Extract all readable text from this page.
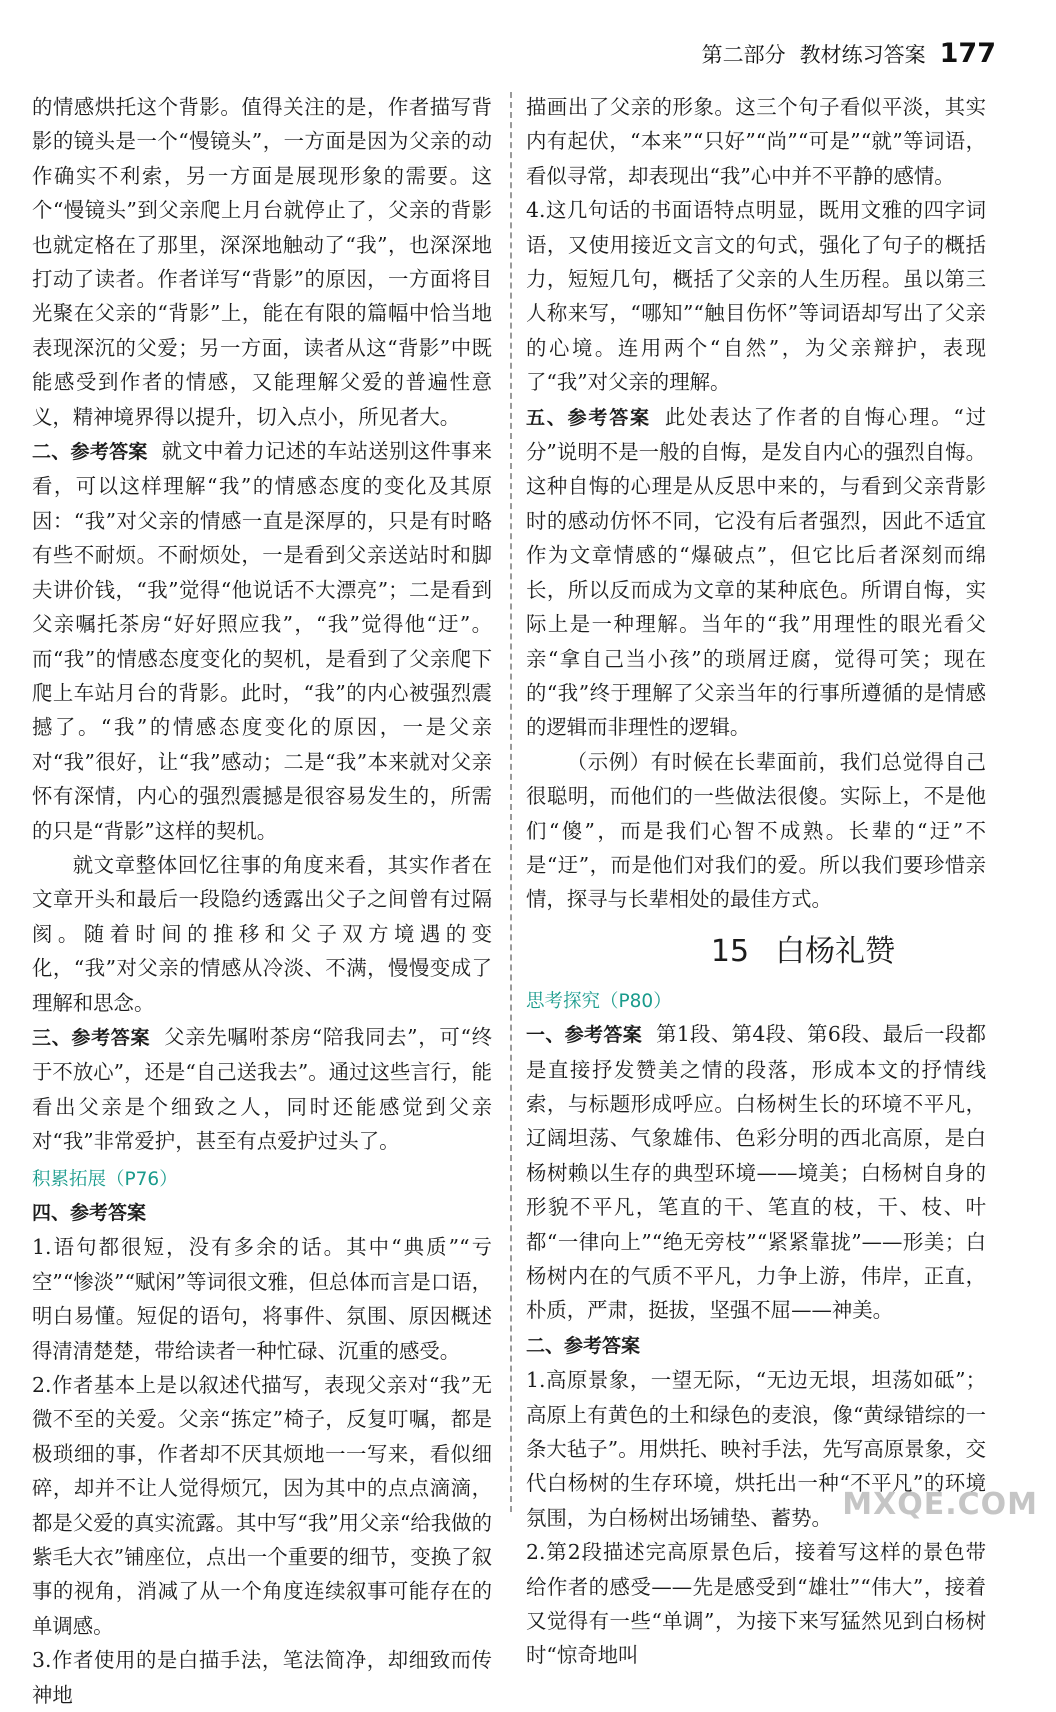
第二部分 教材练习答案 177

的情感烘托这个背影。值得关注的是，作者描写背影的镜头是一个“慢镜头”，一方面是因为父亲的动作确实不利索，另一方面是展现形象的需要。这个“慢镜头”到父亲爬上月台就停止了，父亲的背影也就定格在了那里，深深地触动了“我”，也深深地打动了读者。作者详写“背影”的原因，一方面将目光聚在父亲的“背影”上，能在有限的篇幅中恰当地表现深沉的父爱；另一方面，读者从这“背影”中既能感受到作者的情感，又能理解父爱的普遍性意义，精神境界得以提升，切入点小，所见者大。

二、参考答案 就文中着力记述的车站送别这件事来看，可以这样理解“我”的情感态度的变化及其原因：“我”对父亲的情感一直是深厚的，只是有时略有些不耐烦。不耐烦处，一是看到父亲送站时和脚夫讲价钱，“我”觉得“他说话不大漂亮”；二是看到父亲嘱托茶房“好好照应我”，“我”觉得他“迂”。而“我”的情感态度变化的契机，是看到了父亲爬下爬上车站月台的背影。此时，“我”的内心被强烈震撼了。“我”的情感态度变化的原因，一是父亲对“我”很好，让“我”感动；二是“我”本来就对父亲怀有深情，内心的强烈震撼是很容易发生的，所需的只是“背影”这样的契机。

就文章整体回忆往事的角度来看，其实作者在文章开头和最后一段隐约透露出父子之间曾有过隔阂。随着时间的推移和父子双方境遇的变化，“我”对父亲的情感从冷淡、不满，慢慢变成了理解和思念。

三、参考答案 父亲先嘱咐茶房“陪我同去”，可“终于不放心”，还是“自己送我去”。通过这些言行，能看出父亲是个细致之人，同时还能感觉到父亲对“我”非常爱护，甚至有点爱护过头了。

积累拓展（P76）

四、参考答案

1.语句都很短，没有多余的话。其中“典质”“亏空”“惨淡”“赋闲”等词很文雅，但总体而言是口语，明白易懂。短促的语句，将事件、氛围、原因概述得清清楚楚，带给读者一种忙碌、沉重的感受。

2.作者基本上是以叙述代描写，表现父亲对“我”无微不至的关爱。父亲“拣定”椅子，反复叮嘱，都是极琐细的事，作者却不厌其烦地一一写来，看似细碎，却并不让人觉得烦冗，因为其中的点点滴滴，都是父爱的真实流露。其中写“我”用父亲“给我做的紫毛大衣”铺座位，点出一个重要的细节，变换了叙事的视角，消减了从一个角度连续叙事可能存在的单调感。

3.作者使用的是白描手法，笔法简净，却细致而传神地

描画出了父亲的形象。这三个句子看似平淡，其实内有起伏，“本来”“只好”“尚”“可是”“就”等词语，看似寻常，却表现出“我”心中并不平静的感情。

4.这几句话的书面语特点明显，既用文雅的四字词语，又使用接近文言文的句式，强化了句子的概括力，短短几句，概括了父亲的人生历程。虽以第三人称来写，“哪知”“触目伤怀”等词语却写出了父亲的心境。连用两个“自然”，为父亲辩护，表现了“我”对父亲的理解。

五、参考答案 此处表达了作者的自悔心理。“过分”说明不是一般的自悔，是发自内心的强烈自悔。这种自悔的心理是从反思中来的，与看到父亲背影时的感动仿怀不同，它没有后者强烈，因此不适宜作为文章情感的“爆破点”，但它比后者深刻而绵长，所以反而成为文章的某种底色。所谓自悔，实际上是一种理解。当年的“我”用理性的眼光看父亲“拿自己当小孩”的琐屑迂腐，觉得可笑；现在的“我”终于理解了父亲当年的行事所遵循的是情感的逻辑而非理性的逻辑。

（示例）有时候在长辈面前，我们总觉得自己很聪明，而他们的一些做法很傻。实际上，不是他们“傻”，而是我们心智不成熟。长辈的“迂”不是“迂”，而是他们对我们的爱。所以我们要珍惜亲情，探寻与长辈相处的最佳方式。

15 白杨礼赞

思考探究（P80）

一、参考答案 第1段、第4段、第6段、最后一段都是直接抒发赞美之情的段落，形成本文的抒情线索，与标题形成呼应。白杨树生长的环境不平凡，辽阔坦荡、气象雄伟、色彩分明的西北高原，是白杨树赖以生存的典型环境——境美；白杨树自身的形貌不平凡，笔直的干、笔直的枝，干、枝、叶都“一律向上”“绝无旁枝”“紧紧靠拢”——形美；白杨树内在的气质不平凡，力争上游，伟岸，正直，朴质，严肃，挺拔，坚强不屈——神美。

二、参考答案

1.高原景象，一望无际，“无边无垠，坦荡如砥”；高原上有黄色的土和绿色的麦浪，像“黄绿错综的一条大毡子”。用烘托、映衬手法，先写高原景象，交代白杨树的生存环境，烘托出一种“不平凡”的环境氛围，为白杨树出场铺垫、蓄势。

2.第2段描述完高原景色后，接着写这样的景色带给作者的感受——先是感受到“雄壮”“伟大”，接着又觉得有一些“单调”，为接下来写猛然见到白杨树时“惊奇地叫

MXQE.COM
